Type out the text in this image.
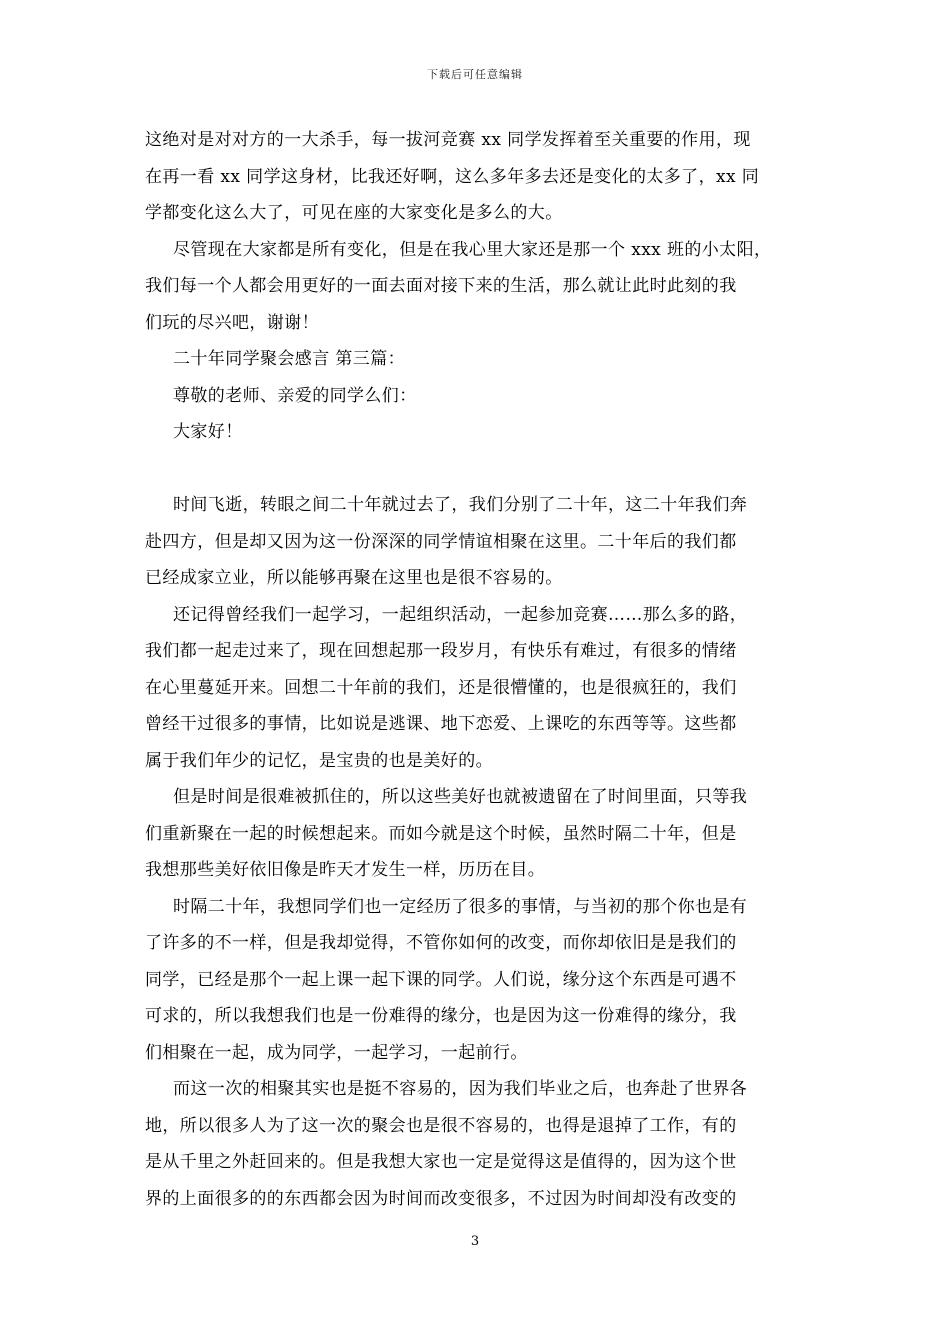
下载后可任意编辑
这绝对是对对方的一大杀手，每一拔河竞赛 xx 同学发挥着至关重要的作用，现
在再一看 xx 同学这身材，比我还好啊，这么多年多去还是变化的太多了，xx 同
学都变化这么大了，可见在座的大家变化是多么的大。
尽管现在大家都是所有变化，但是在我心里大家还是那一个 xxx 班的小太阳，
我们每一个人都会用更好的一面去面对接下来的生活，那么就让此时此刻的我
们玩的尽兴吧，谢谢！
二十年同学聚会感言 第三篇：
尊敬的老师、亲爱的同学么们：
大家好！
时间飞逝，转眼之间二十年就过去了，我们分别了二十年，这二十年我们奔
赴四方，但是却又因为这一份深深的同学情谊相聚在这里。二十年后的我们都
已经成家立业，所以能够再聚在这里也是很不容易的。
还记得曾经我们一起学习，一起组织活动，一起参加竞赛……那么多的路，
我们都一起走过来了，现在回想起那一段岁月，有快乐有难过，有很多的情绪
在心里蔓延开来。回想二十年前的我们，还是很懵懂的，也是很疯狂的，我们
曾经干过很多的事情，比如说是逃课、地下恋爱、上课吃的东西等等。这些都
属于我们年少的记忆，是宝贵的也是美好的。
但是时间是很难被抓住的，所以这些美好也就被遗留在了时间里面，只等我
们重新聚在一起的时候想起来。而如今就是这个时候，虽然时隔二十年，但是
我想那些美好依旧像是昨天才发生一样，历历在目。
时隔二十年，我想同学们也一定经历了很多的事情，与当初的那个你也是有
了许多的不一样，但是我却觉得，不管你如何的改变，而你却依旧是是我们的
同学，已经是那个一起上课一起下课的同学。人们说，缘分这个东西是可遇不
可求的，所以我想我们也是一份难得的缘分，也是因为这一份难得的缘分，我
们相聚在一起，成为同学，一起学习，一起前行。
而这一次的相聚其实也是挺不容易的，因为我们毕业之后，也奔赴了世界各
地，所以很多人为了这一次的聚会也是很不容易的，也得是退掉了工作，有的
是从千里之外赶回来的。但是我想大家也一定是觉得这是值得的，因为这个世
界的上面很多的的东西都会因为时间而改变很多，不过因为时间却没有改变的
3
